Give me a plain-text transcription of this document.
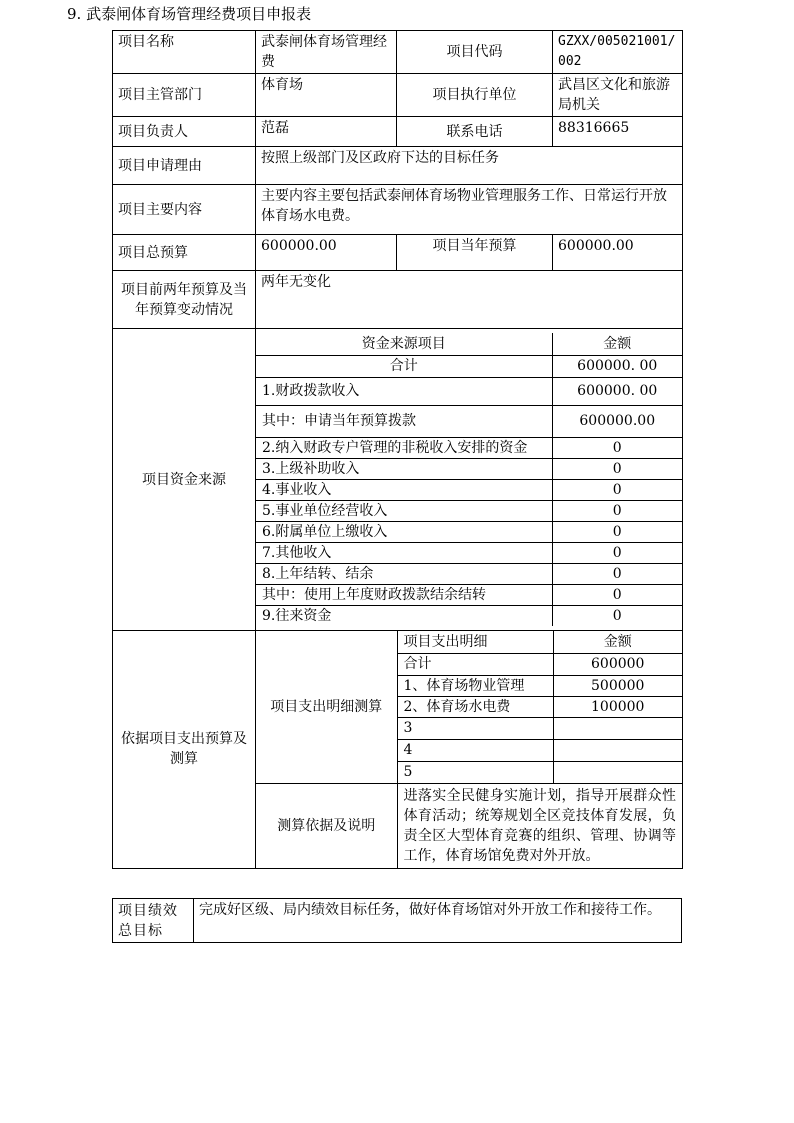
9. 武泰闸体育场管理经费项目申报表
项目名称	武泰闸体育场管理经费	项目代码	GZXX/005021001/002
项目主管部门	体育场	项目执行单位	武昌区文化和旅游局机关
项目负责人	范磊	联系电话	88316665
项目申请理由	按照上级部门及区政府下达的目标任务
项目主要内容	主要内容主要包括武泰闸体育场物业管理服务工作、日常运行开放体育场水电费。
项目总预算	600000.00	项目当年预算	600000.00
项目前两年预算及当年预算变动情况	两年无变化
项目资金来源	
资金来源项目	金额
合计	600000. 00
1.财政拨款收入	600000. 00
其中：申请当年预算拨款	600000.00
2.纳入财政专户管理的非税收入安排的资金	0
3.上级补助收入	0
4.事业收入	0
5.事业单位经营收入	0
6.附属单位上缴收入	0
7.其他收入	0
8.上年结转、结余	0
其中：使用上年度财政拨款结余结转	0
9.往来资金	0

依据项目支出预算及测算	
项目支出明细测算	项目支出明细	金额
合计	600000
1、体育场物业管理	500000
2、体育场水电费	100000
3	
4	
5	
测算依据及说明	进落实全民健身实施计划，指导开展群众性体育活动；统筹规划全区竞技体育发展，负责全区大型体育竞赛的组织、管理、协调等工作，体育场馆免费对外开放。
项目绩效总目标	完成好区级、局内绩效目标任务，做好体育场馆对外开放工作和接待工作。
